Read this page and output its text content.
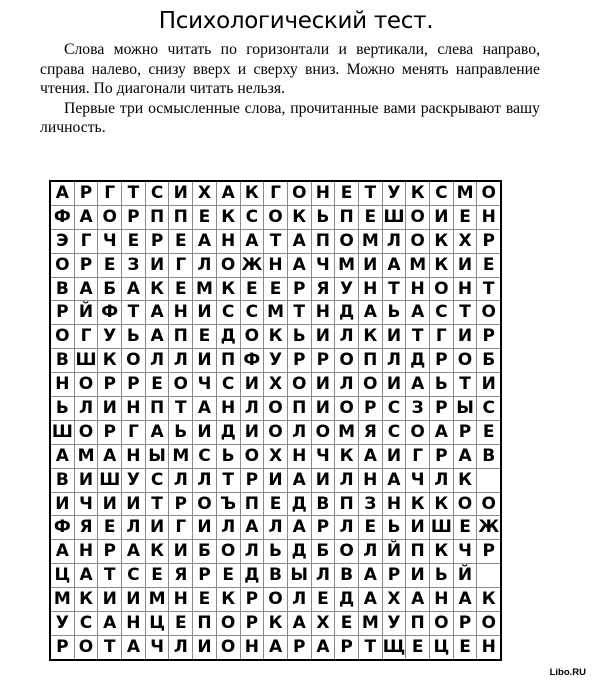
Психологический тест.

Слова можно читать по горизонтали и вертикали, слева направо, справа налево, снизу вверх и сверху вниз. Можно менять направление чтения. По диагонали читать нельзя.

Первые три осмысленные слова, прочитанные вами раскрывают вашу личность.

А	Р	Г	Т	С	И	Х	А	К	Г	О	Н	Е	Т	У	К	С	М	О
Ф	А	О	Р	П	П	Е	К	С	О	К	Ь	П	Е	Ш	О	И	Е	Н
Э	Г	Ч	Е	Р	Е	А	Н	А	Т	А	П	О	М	Л	О	К	Х	Р
О	Р	Е	З	И	Г	Л	О	Ж	Н	А	Ч	М	И	А	М	К	И	Е
В	А	Б	А	К	Е	М	К	Е	Е	Р	Я	У	Н	Т	Н	О	Н	Т
Р	Й	Ф	Т	А	Н	И	С	С	М	Т	Н	Д	А	Ь	А	С	Т	О
О	Г	У	Ь	А	П	Е	Д	О	К	Ь	И	Л	К	И	Т	Г	И	Р
В	Ш	К	О	Л	Л	И	П	Ф	У	Р	Р	О	П	Л	Д	Р	О	Б
Н	О	Р	Р	Е	О	Ч	С	И	Х	О	И	Л	О	И	А	Ь	Т	И
Ь	Л	И	Н	П	Т	А	Н	Л	О	П	И	О	Р	С	З	Р	Ы	С
Ш	О	Р	Г	А	Ь	И	Д	И	О	Л	О	М	Я	С	О	А	Р	Е
А	М	А	Н	Ы	М	С	Ь	О	Х	Н	Ч	К	А	И	Г	Р	А	В
В	И	Ш	У	С	Л	Л	Т	Р	И	А	И	Л	Н	А	Ч	Л	К	
И	Ч	И	И	Т	Р	О	Ъ	П	Е	Д	В	П	З	Н	К	К	О	О
Ф	Я	Е	Л	И	Г	И	Л	А	Л	А	Р	Л	Е	Ь	И	Ш	Е	Ж
А	Н	Р	А	К	И	Б	О	Л	Ь	Д	Б	О	Л	Й	П	К	Ч	Р
Ц	А	Т	С	Е	Я	Р	Е	Д	В	Ы	Л	В	А	Р	И	Ь	Й	
М	К	И	И	М	Н	Е	К	Р	О	Л	Е	Д	А	Х	А	Н	А	К
У	С	А	Н	Ц	Е	П	О	Р	К	А	Х	Е	М	У	П	О	Р	О
Р	О	Т	А	Ч	Л	И	О	Н	А	Р	А	Р	Т	Щ	Е	Ц	Е	Н
Libo.RU
